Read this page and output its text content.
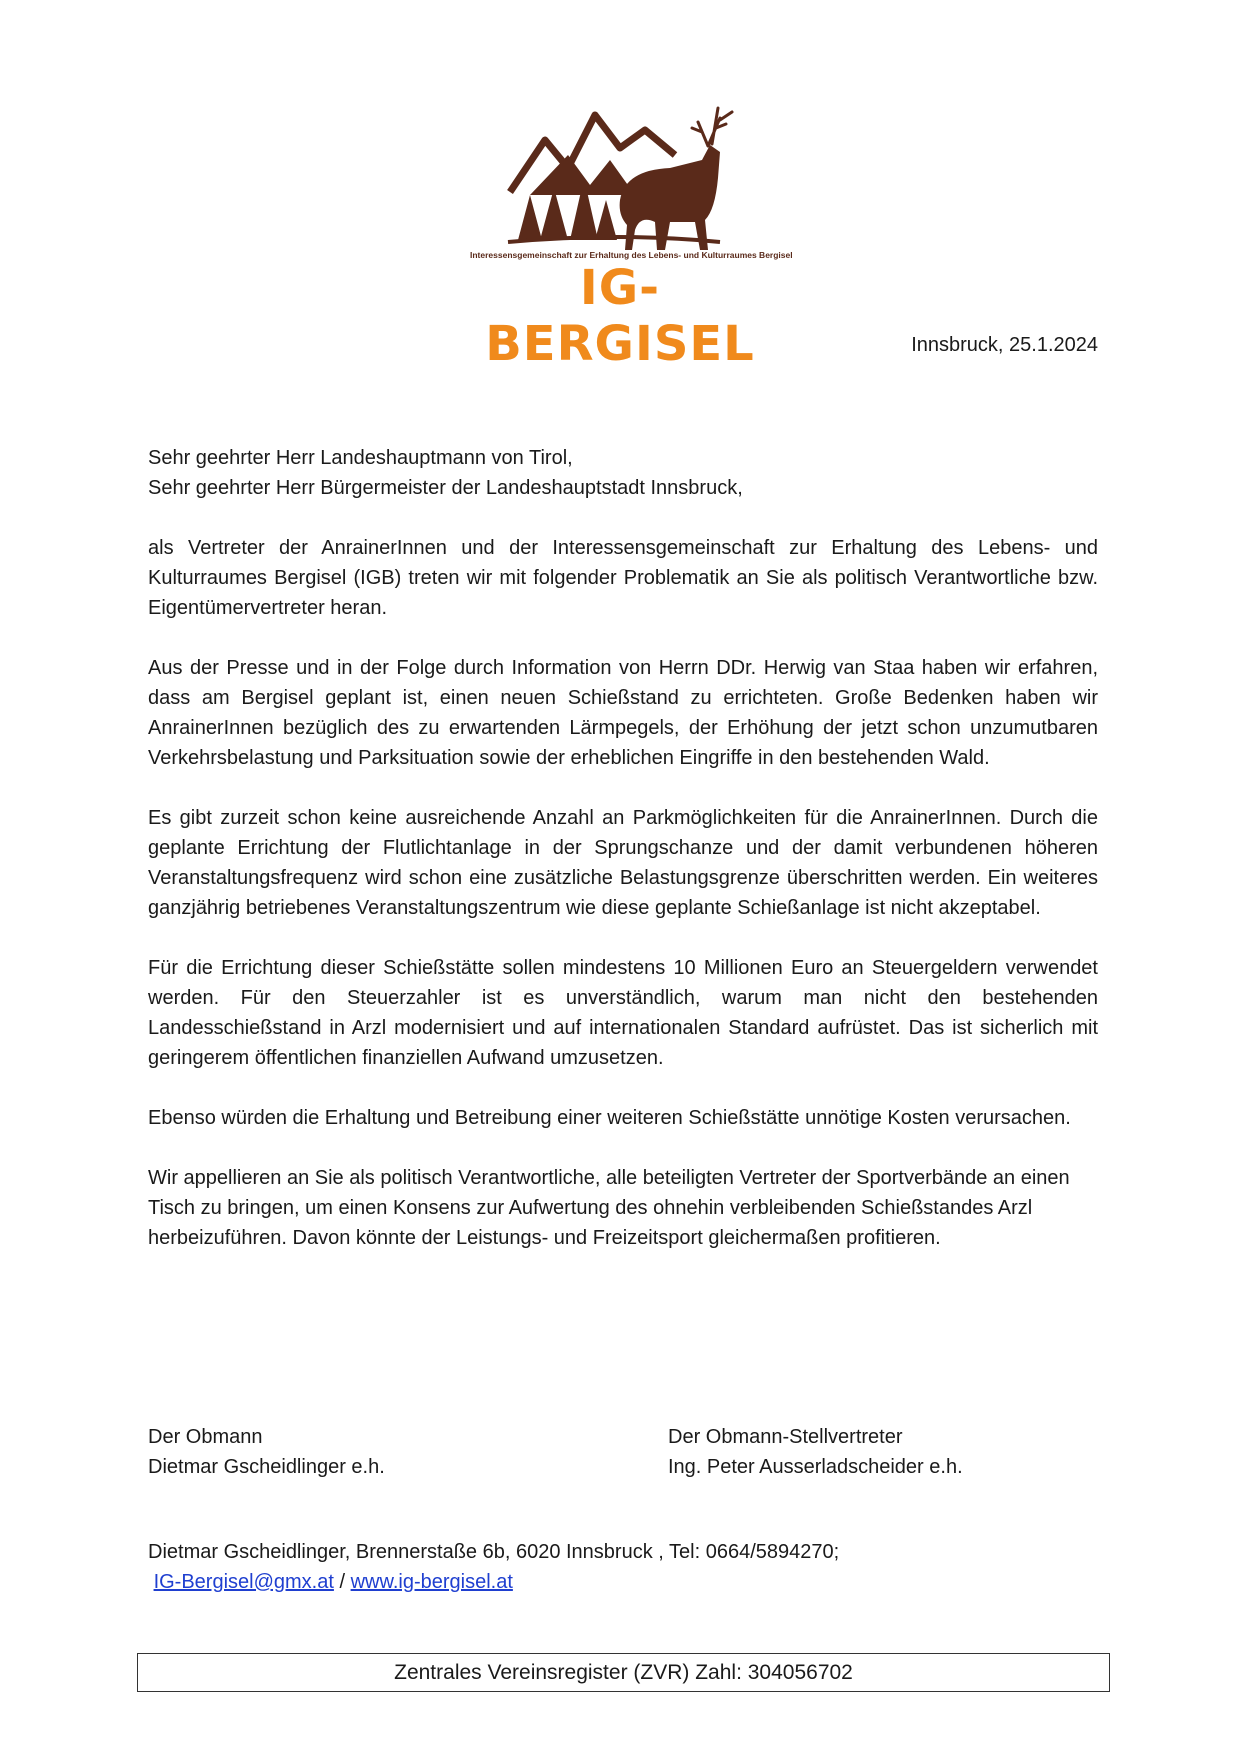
Interessensgemeinschaft zur Erhaltung des Lebens- und Kulturraumes Bergisel
IG-BERGISEL	Innsbruck, 25.1.2024

Sehr geehrter Herr Landeshauptmann von Tirol,
Sehr geehrter Herr Bürgermeister der Landeshauptstadt Innsbruck,

als Vertreter der AnrainerInnen und der Interessensgemeinschaft zur Erhaltung des Lebens- und Kulturraumes Bergisel (IGB) treten wir mit folgender Problematik an Sie als politisch Verantwortliche bzw. Eigentümervertreter heran.

Aus der Presse und in der Folge durch Information von Herrn DDr. Herwig van Staa haben wir erfahren, dass am Bergisel geplant ist, einen neuen Schießstand zu errichteten. Große Bedenken haben wir AnrainerInnen bezüglich des zu erwartenden Lärmpegels, der Erhöhung der jetzt schon unzumutbaren Verkehrsbelastung und Parksituation sowie der erheblichen Eingriffe in den bestehenden Wald.

Es gibt zurzeit schon keine ausreichende Anzahl an Parkmöglichkeiten für die AnrainerInnen. Durch die geplante Errichtung der Flutlichtanlage in der Sprungschanze und der damit verbundenen höheren Veranstaltungsfrequenz wird schon eine zusätzliche Belastungsgrenze überschritten werden. Ein weiteres ganzjährig betriebenes Veranstaltungszentrum wie diese geplante Schießanlage ist nicht akzeptabel.

Für die Errichtung dieser Schießstätte sollen mindestens 10 Millionen Euro an Steuergeldern verwendet werden. Für den Steuerzahler ist es unverständlich, warum man nicht den bestehenden Landesschießstand in Arzl modernisiert und auf internationalen Standard aufrüstet. Das ist sicherlich mit geringerem öffentlichen finanziellen Aufwand umzusetzen.

Ebenso würden die Erhaltung und Betreibung einer weiteren Schießstätte unnötige Kosten verursachen.

Wir appellieren an Sie als politisch Verantwortliche, alle beteiligten Vertreter der Sportverbände an einen Tisch zu bringen, um einen Konsens zur Aufwertung des ohnehin verbleibenden Schießstandes Arzl herbeizuführen. Davon könnte der Leistungs- und Freizeitsport gleichermaßen profitieren.

Der Obmann
Dietmar Gscheidlinger e.h.
Der Obmann-Stellvertreter
Ing. Peter Ausserladscheider e.h.
Dietmar Gscheidlinger, Brennerstaße 6b, 6020 Innsbruck , Tel: 0664/5894270;
IG-Bergisel@gmx.at / www.ig-bergisel.at
Zentrales Vereinsregister (ZVR) Zahl: 304056702
